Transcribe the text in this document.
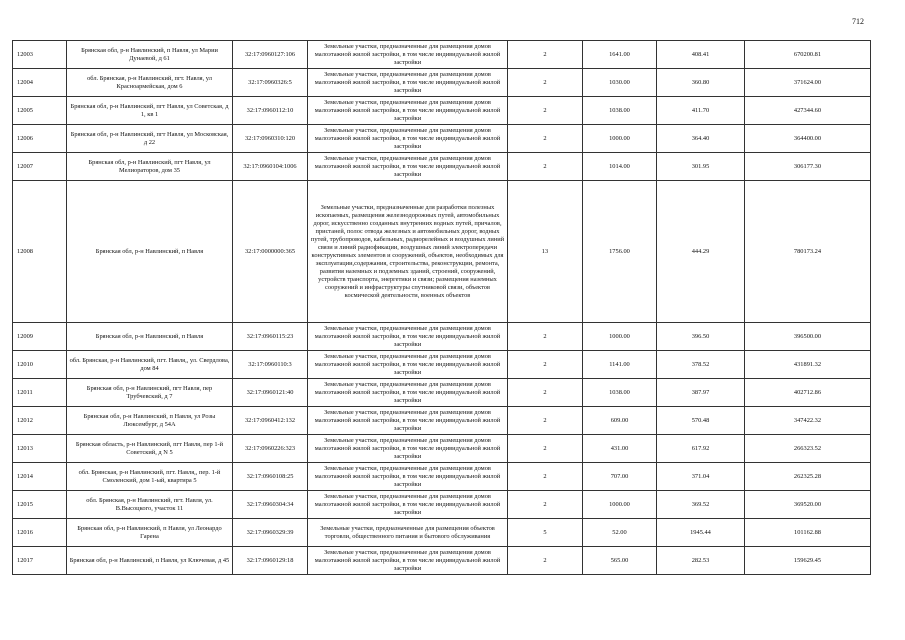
712
12003	Брянская обл, р-н Навлинский, п Навля, ул Марии Дунаевой, д 61	32:17:0960127:106	Земельные участки, предназначенные для размещения домов малоэтажной жилой застройки, в том числе индивидуальной жилой застройки	2	1641.00	408.41	670200.81
12004	обл. Брянская, р-н Навлинский, пгт. Навля, ул Красноармейская, дом 6	32:17:0960326:5	Земельные участки, предназначенные для размещения домов малоэтажной жилой застройки, в том числе индивидуальной жилой застройки	2	1030.00	360.80	371624.00
12005	Брянская обл, р-н Навлинский, пгт Навля, ул Советская, д 1, кв 1	32:17:0960112:10	Земельные участки, предназначенные для размещения домов малоэтажной жилой застройки, в том числе индивидуальной жилой застройки	2	1038.00	411.70	427344.60
12006	Брянская обл, р-н Навлинский, пгт Навля, ул Московская, д 22	32:17:0960310:120	Земельные участки, предназначенные для размещения домов малоэтажной жилой застройки, в том числе индивидуальной жилой застройки	2	1000.00	364.40	364400.00
12007	Брянская обл, р-н Навлинский, пгт Навля, ул Мелиораторов, дом 35	32:17:0960104:1006	Земельные участки, предназначенные для размещения домов малоэтажной жилой застройки, в том числе индивидуальной жилой застройки	2	1014.00	301.95	306177.30
12008	Брянская обл, р-н Навлинский, п Навля	32:17:0000000:365	Земельные участки, предназначенные для разработки полезных ископаемых, размещения железнодорожных путей, автомобильных дорог, искусственно созданных внутренних водных путей, причалов, пристаней, полос отвода железных и автомобильных дорог, водных путей, трубопроводов, кабельных, радиорелейных и воздушных линий связи и линий радиофикации, воздушных линий электропередачи конструктивных элементов и сооружений, объектов, необходимых для эксплуатации,содержания, строительства, реконструкции, ремонта, развития наземных и подземных зданий, строений, сооружений, устройств транспорта, энергетики и связи; размещения наземных сооружений и инфраструктуры спутниковой связи, объектов космической деятельности, военных объектов	13	1756.00	444.29	780173.24
12009	Брянская обл, р-н Навлинский, п Навля	32:17:0960115:23	Земельные участки, предназначенные для размещения домов малоэтажной жилой застройки, в том числе индивидуальной жилой застройки	2	1000.00	396.50	396500.00
12010	обл. Брянская, р-н Навлинский, пгт. Навля,, ул. Свердлова, дом 84	32:17:0960110:3	Земельные участки, предназначенные для размещения домов малоэтажной жилой застройки, в том числе индивидуальной жилой застройки	2	1141.00	378.52	431891.32
12011	Брянская обл, р-н Навлинский, пгт Навля, пер Трубчевский, д 7	32:17:0960121:40	Земельные участки, предназначенные для размещения домов малоэтажной жилой застройки, в том числе индивидуальной жилой застройки	2	1038.00	387.97	402712.86
12012	Брянская обл, р-н Навлинский, п Навля, ул Розы Люксембург, д 54А	32:17:0960412:132	Земельные участки, предназначенные для размещения домов малоэтажной жилой застройки, в том числе индивидуальной жилой застройки	2	609.00	570.48	347422.32
12013	Брянская область, р-н Навлинский, пгт Навля, пер 1-й Советский, д N 5	32:17:0960226:323	Земельные участки, предназначенные для размещения домов малоэтажной жилой застройки, в том числе индивидуальной жилой застройки	2	431.00	617.92	266323.52
12014	обл. Брянская, р-н Навлинский, пгт. Навля,, пер. 1-й Смоленский, дом 1-ый, квартира 5	32:17:0960108:25	Земельные участки, предназначенные для размещения домов малоэтажной жилой застройки, в том числе индивидуальной жилой застройки	2	707.00	371.04	262325.28
12015	обл. Брянская, р-н Навлинский, пгт. Навля, ул. В.Высоцкого, участок 11	32:17:0960304:34	Земельные участки, предназначенные для размещения домов малоэтажной жилой застройки, в том числе индивидуальной жилой застройки	2	1000.00	369.52	369520.00
12016	Брянская обл, р-н Навлинский, п Навля, ул Леонардо Гарена	32:17:0960329:39	Земельные участки, предназначенные для размещения объектов торговли, общественного питания и бытового обслуживания	5	52.00	1945.44	101162.88
12017	Брянская обл, р-н Навлинский, п Навля, ул Ключевая, д 45	32:17:0960129:18	Земельные участки, предназначенные для размещения домов малоэтажной жилой застройки, в том числе индивидуальной жилой застройки	2	565.00	282.53	159629.45
